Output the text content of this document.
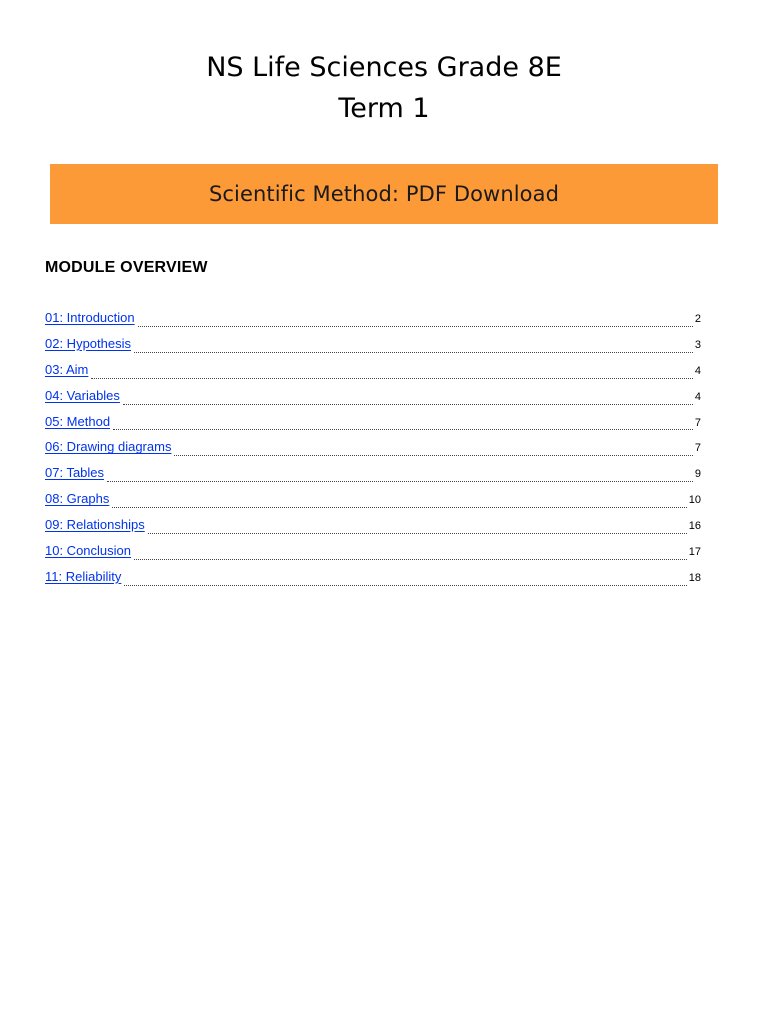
NS Life Sciences Grade 8E
Term 1
Scientific Method: PDF Download
MODULE OVERVIEW
01: Introduction	2
02: Hypothesis	3
03: Aim	4
04: Variables	4
05: Method	7
06: Drawing diagrams	7
07: Tables	9
08: Graphs	10
09: Relationships	16
10: Conclusion	17
11: Reliability	18
